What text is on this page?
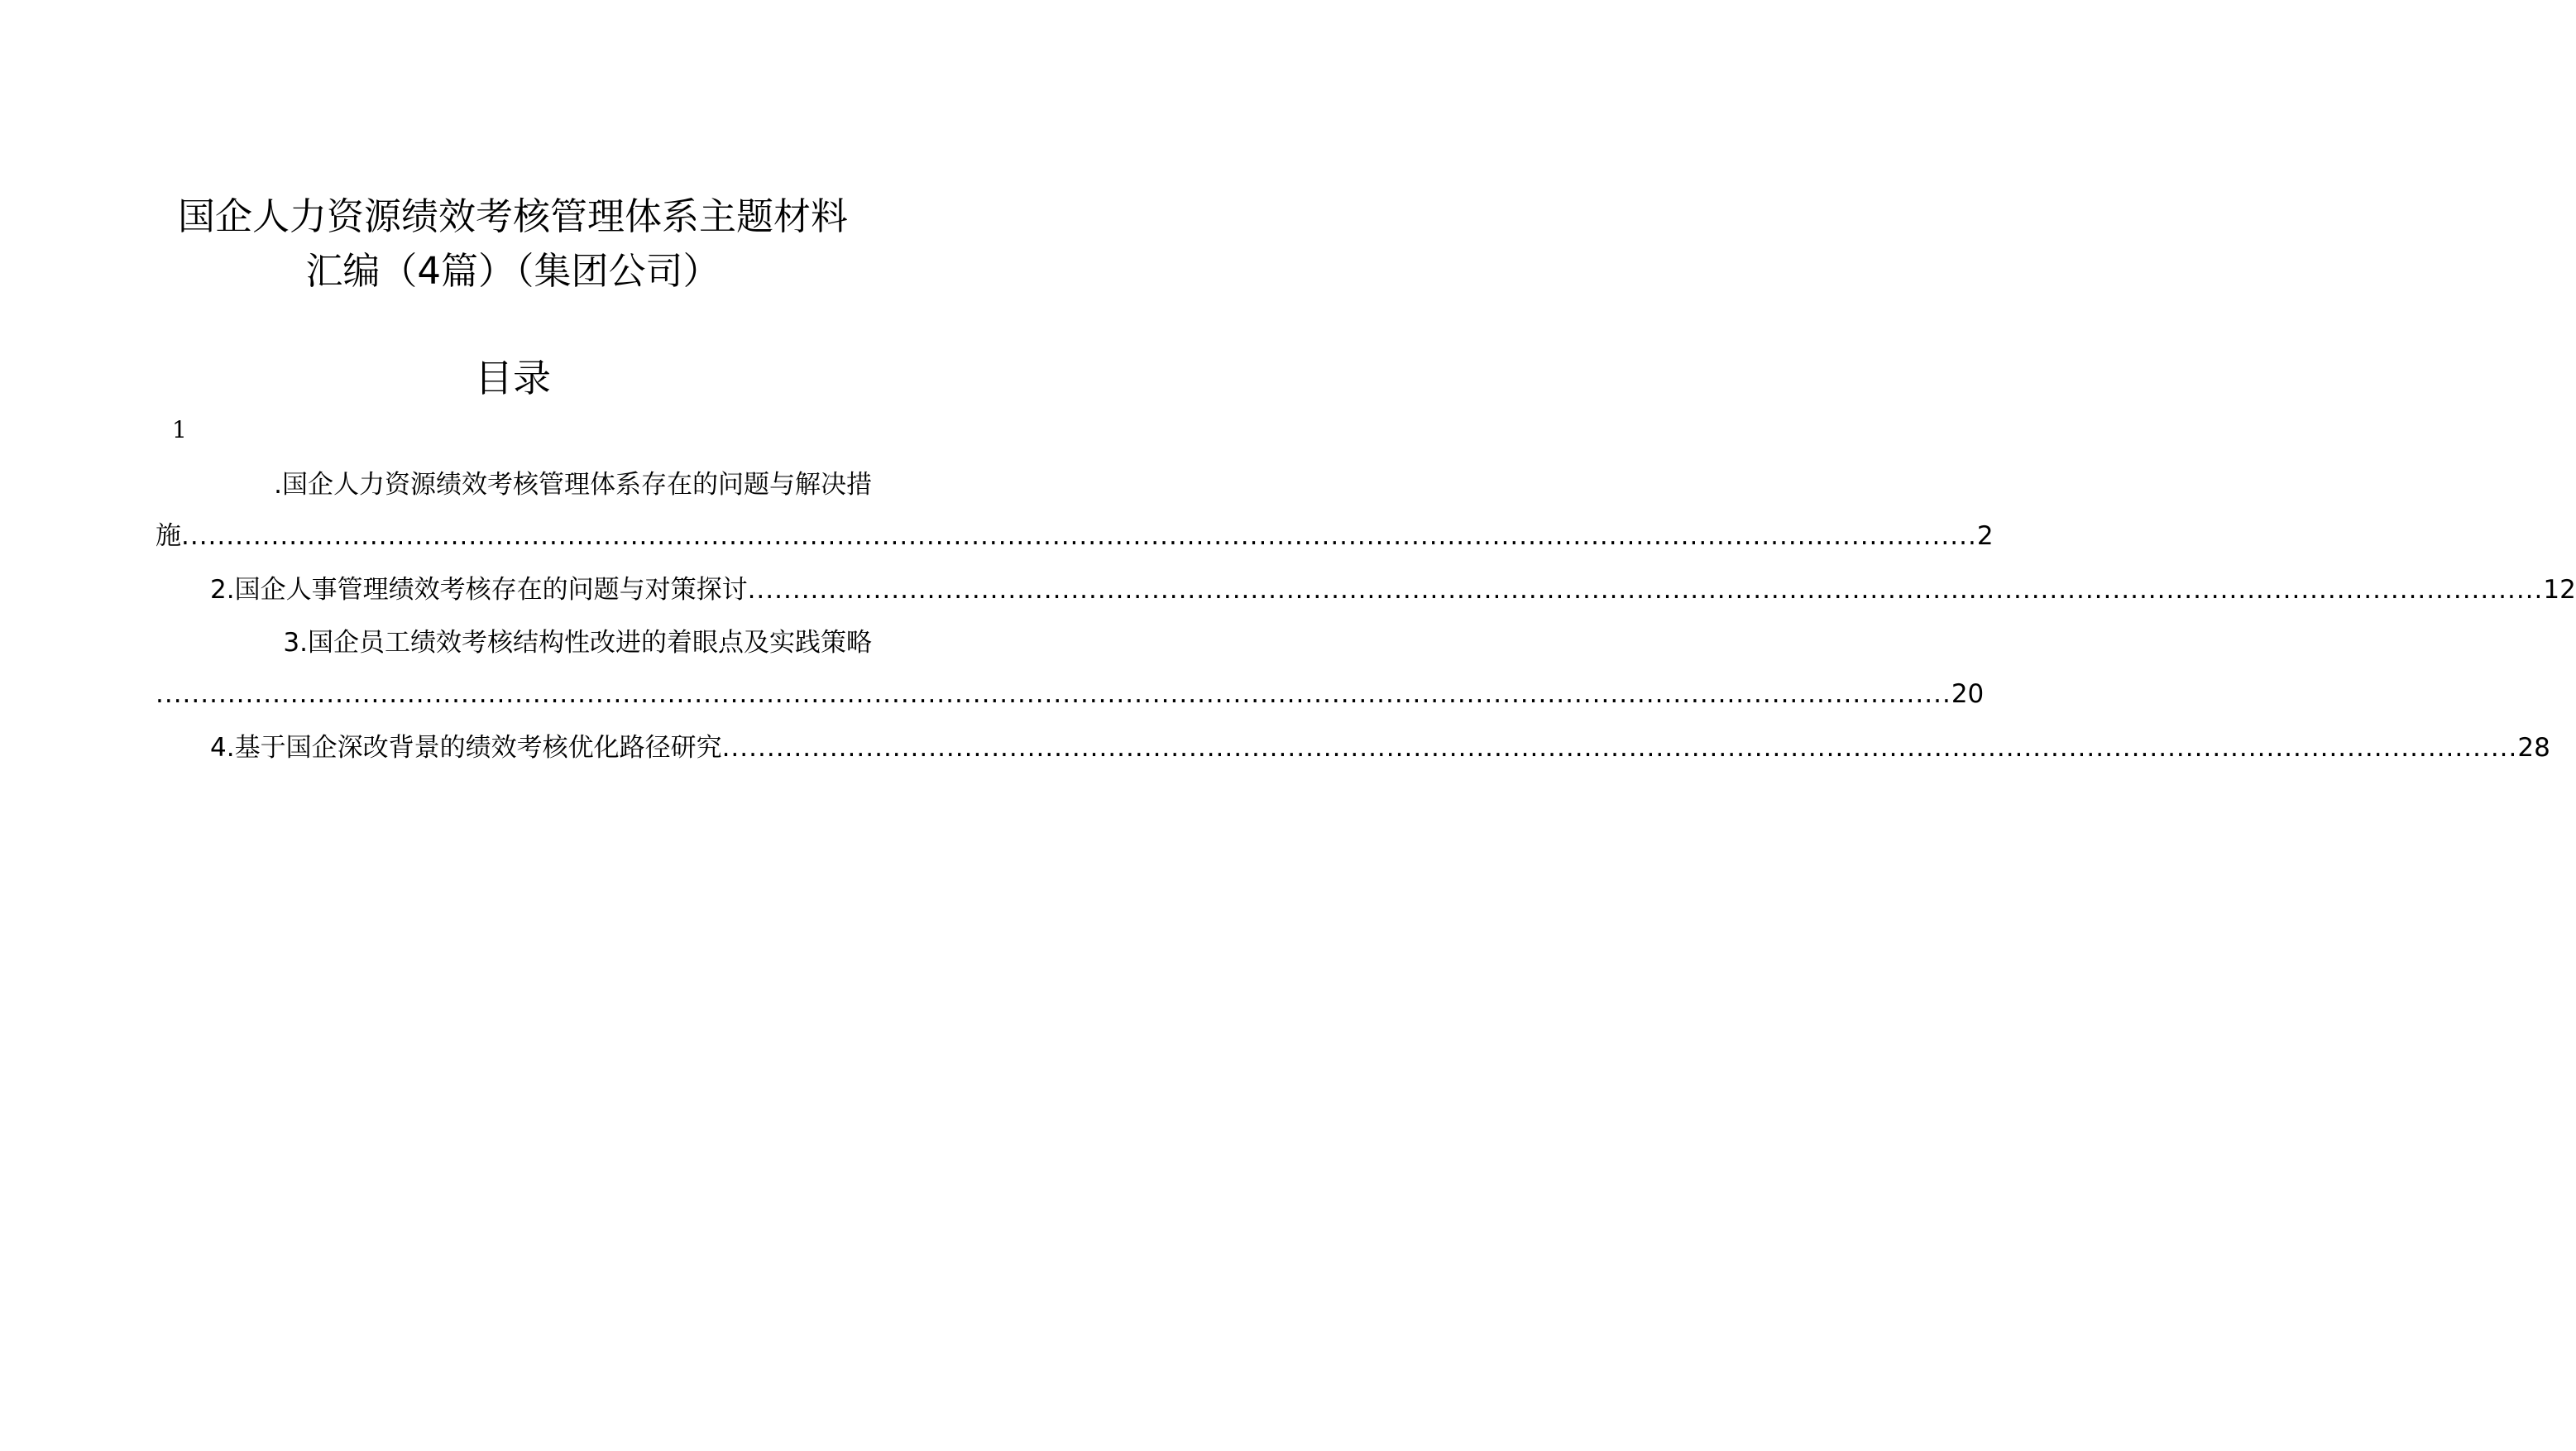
国企人力资源绩效考核管理体系主题材料
汇编（4篇）（集团公司）
目录
1
.国企人力资源绩效考核管理体系存在的问题与解决措
施 ........................................................................................................................................................................................................ 2
2.国企人事管理绩效考核存在的问题与对策探讨 ........................................................................................................................................................................................................ 12
3.国企员工绩效考核结构性改进的着眼点及实践策略
........................................................................................................................................................................................................ 20
4.基于国企深改背景的绩效考核优化路径研究 ........................................................................................................................................................................................................ 28
